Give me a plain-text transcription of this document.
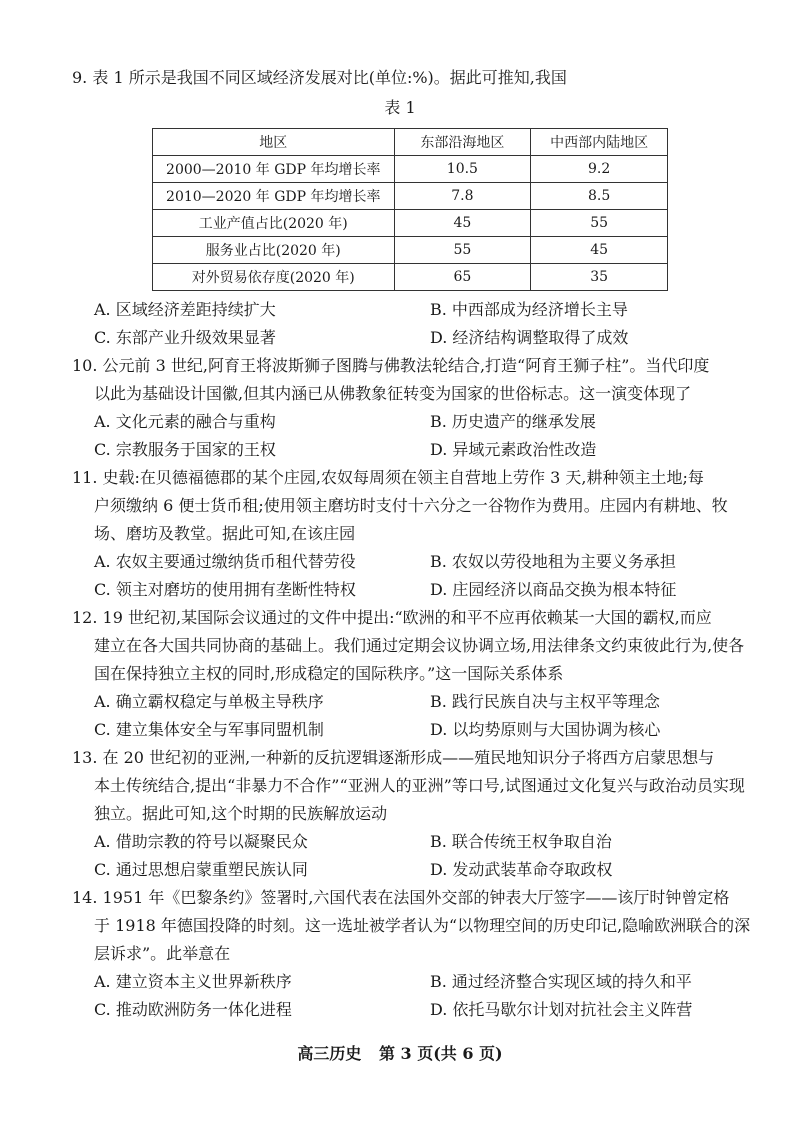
9. 表 1 所示是我国不同区域经济发展对比(单位:%)。据此可推知,我国

表 1
地区	东部沿海地区	中西部内陆地区
2000—2010 年 GDP 年均增长率	10.5	9.2
2010—2020 年 GDP 年均增长率	7.8	8.5
工业产值占比(2020 年)	45	55
服务业占比(2020 年)	55	45
对外贸易依存度(2020 年)	65	35
A. 区域经济差距持续扩大	B. 中西部成为经济增长主导
C. 东部产业升级效果显著	D. 经济结构调整取得了成效

10. 公元前 3 世纪,阿育王将波斯狮子图腾与佛教法轮结合,打造“阿育王狮子柱”。当代印度

以此为基础设计国徽,但其内涵已从佛教象征转变为国家的世俗标志。这一演变体现了

A. 文化元素的融合与重构	B. 历史遗产的继承发展
C. 宗教服务于国家的王权	D. 异域元素政治性改造

11. 史载:在贝德福德郡的某个庄园,农奴每周须在领主自营地上劳作 3 天,耕种领主土地;每

户须缴纳 6 便士货币租;使用领主磨坊时支付十六分之一谷物作为费用。庄园内有耕地、牧场、磨坊及教堂。据此可知,在该庄园

A. 农奴主要通过缴纳货币租代替劳役	B. 农奴以劳役地租为主要义务承担
C. 领主对磨坊的使用拥有垄断性特权	D. 庄园经济以商品交换为根本特征

12. 19 世纪初,某国际会议通过的文件中提出:“欧洲的和平不应再依赖某一大国的霸权,而应

建立在各大国共同协商的基础上。我们通过定期会议协调立场,用法律条文约束彼此行为,使各国在保持独立主权的同时,形成稳定的国际秩序。”这一国际关系体系

A. 确立霸权稳定与单极主导秩序	B. 践行民族自决与主权平等理念
C. 建立集体安全与军事同盟机制	D. 以均势原则与大国协调为核心

13. 在 20 世纪初的亚洲,一种新的反抗逻辑逐渐形成——殖民地知识分子将西方启蒙思想与

本土传统结合,提出“非暴力不合作”“亚洲人的亚洲”等口号,试图通过文化复兴与政治动员实现独立。据此可知,这个时期的民族解放运动

A. 借助宗教的符号以凝聚民众	B. 联合传统王权争取自治
C. 通过思想启蒙重塑民族认同	D. 发动武装革命夺取政权

14. 1951 年《巴黎条约》签署时,六国代表在法国外交部的钟表大厅签字——该厅时钟曾定格

于 1918 年德国投降的时刻。这一选址被学者认为“以物理空间的历史印记,隐喻欧洲联合的深层诉求”。此举意在

A. 建立资本主义世界新秩序	B. 通过经济整合实现区域的持久和平
C. 推动欧洲防务一体化进程	D. 依托马歇尔计划对抗社会主义阵营
高三历史 第 3 页(共 6 页)
